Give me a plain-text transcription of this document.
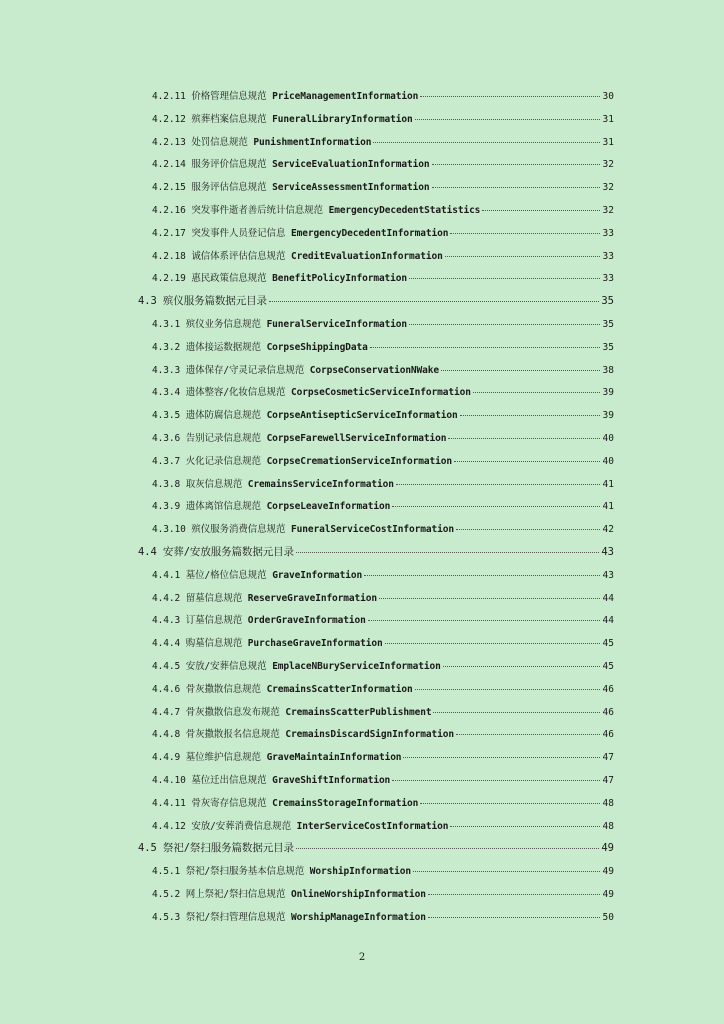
4.2.11 价格管理信息规范 PriceManagementInformation	30
4.2.12 殡葬档案信息规范 FuneralLibraryInformation	31
4.2.13 处罚信息规范 PunishmentInformation	31
4.2.14 服务评价信息规范 ServiceEvaluationInformation	32
4.2.15 服务评估信息规范 ServiceAssessmentInformation	32
4.2.16 突发事件逝者善后统计信息规范 EmergencyDecedentStatistics	32
4.2.17 突发事件人员登记信息 EmergencyDecedentInformation	33
4.2.18 诚信体系评估信息规范 CreditEvaluationInformation	33
4.2.19 惠民政策信息规范 BenefitPolicyInformation	33
4.3 殡仪服务篇数据元目录	35
4.3.1 殡仪业务信息规范 FuneralServiceInformation	35
4.3.2 遗体接运数据规范 CorpseShippingData	35
4.3.3 遗体保存/守灵记录信息规范 CorpseConservationNWake	38
4.3.4 遗体整容/化妆信息规范 CorpseCosmeticServiceInformation	39
4.3.5 遗体防腐信息规范 CorpseAntisepticServiceInformation	39
4.3.6 告别记录信息规范 CorpseFarewellServiceInformation	40
4.3.7 火化记录信息规范 CorpseCremationServiceInformation	40
4.3.8 取灰信息规范 CremainsServiceInformation	41
4.3.9 遗体离馆信息规范 CorpseLeaveInformation	41
4.3.10 殡仪服务消费信息规范 FuneralServiceCostInformation	42
4.4 安葬/安放服务篇数据元目录	43
4.4.1 墓位/格位信息规范 GraveInformation	43
4.4.2 留墓信息规范 ReserveGraveInformation	44
4.4.3 订墓信息规范 OrderGraveInformation	44
4.4.4 购墓信息规范 PurchaseGraveInformation	45
4.4.5 安放/安葬信息规范 EmplaceNBuryServiceInformation	45
4.4.6 骨灰撒散信息规范 CremainsScatterInformation	46
4.4.7 骨灰撒散信息发布规范 CremainsScatterPublishment	46
4.4.8 骨灰撒散报名信息规范 CremainsDiscardSignInformation	46
4.4.9 墓位维护信息规范 GraveMaintainInformation	47
4.4.10 墓位迁出信息规范 GraveShiftInformation	47
4.4.11 骨灰寄存信息规范 CremainsStorageInformation	48
4.4.12 安放/安葬消费信息规范 InterServiceCostInformation	48
4.5 祭祀/祭扫服务篇数据元目录	49
4.5.1 祭祀/祭扫服务基本信息规范 WorshipInformation	49
4.5.2 网上祭祀/祭扫信息规范 OnlineWorshipInformation	49
4.5.3 祭祀/祭扫管理信息规范 WorshipManageInformation	50
2
